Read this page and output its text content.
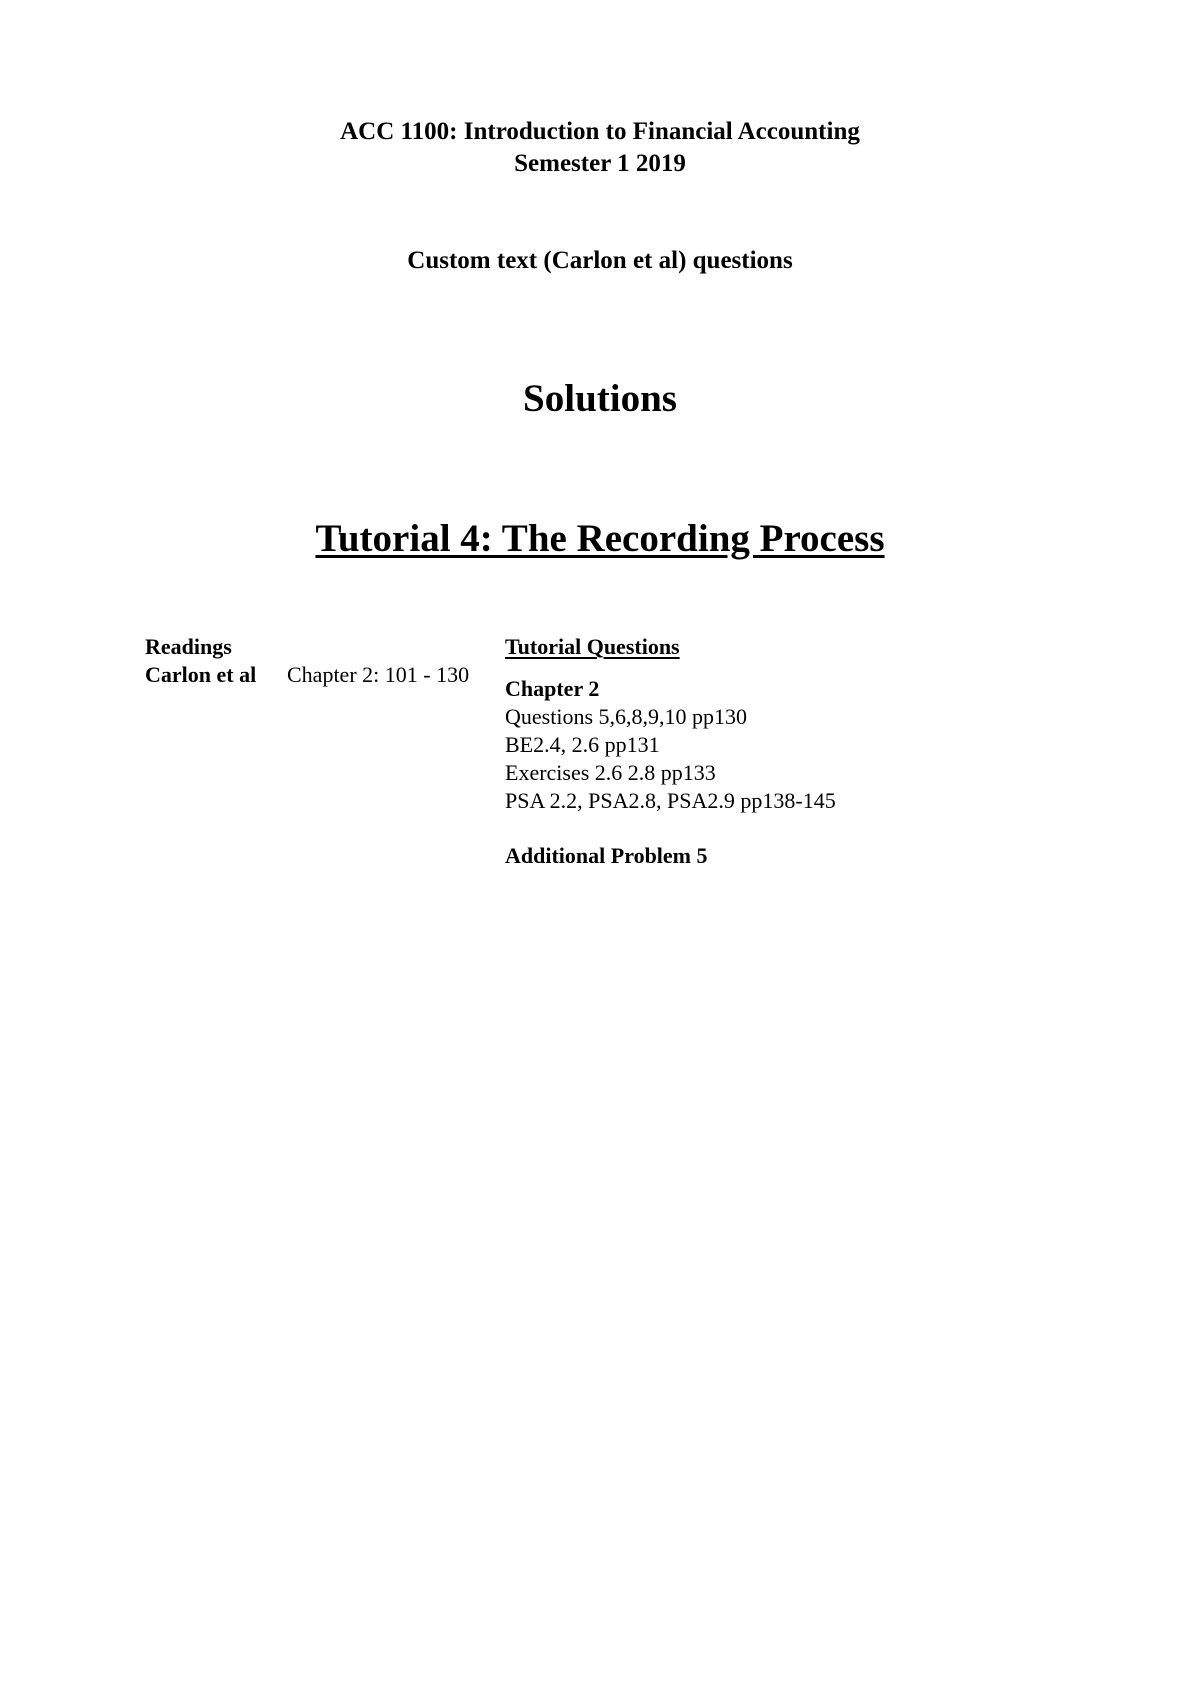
ACC 1100: Introduction to Financial Accounting
Semester 1 2019
Custom text (Carlon et al) questions
Solutions
Tutorial 4: The Recording Process
Readings
Carlon et al Chapter 2: 101 - 130
Tutorial Questions
Chapter 2
Questions 5,6,8,9,10 pp130
BE2.4, 2.6 pp131
Exercises 2.6 2.8 pp133
PSA 2.2, PSA2.8, PSA2.9 pp138-145
Additional Problem 5
